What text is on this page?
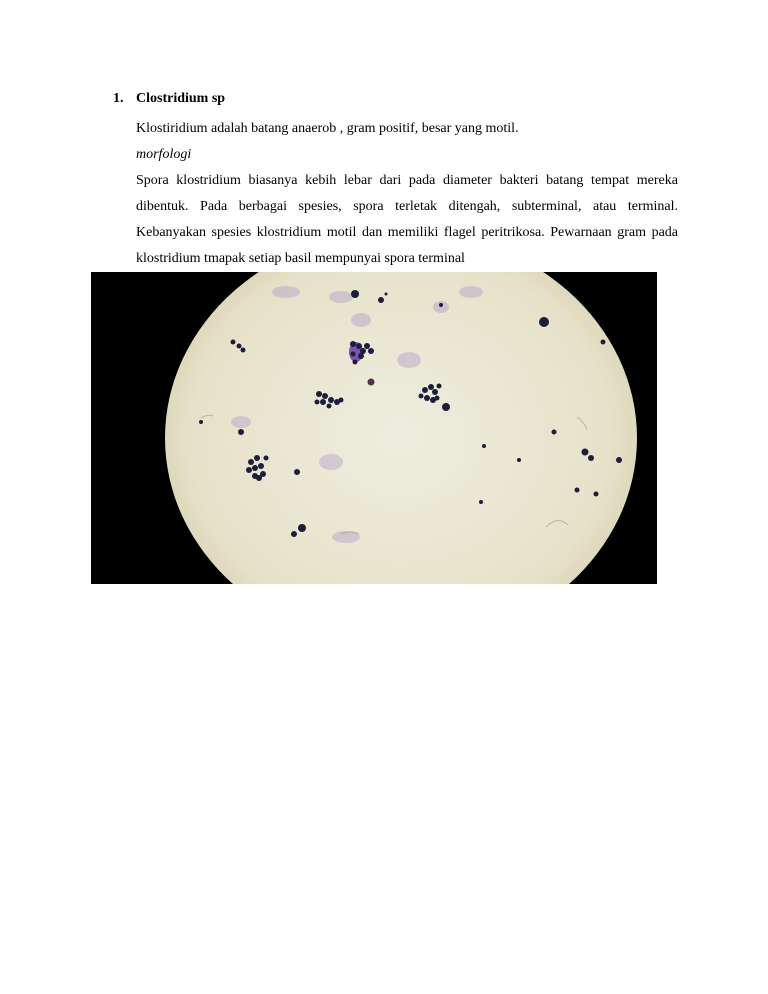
1. Clostridium sp

Klostiridium adalah batang anaerob , gram positif, besar yang motil.

morfologi

Spora klostridium biasanya kebih lebar dari pada diameter bakteri batang tempat mereka dibentuk. Pada berbagai spesies, spora terletak ditengah, subterminal, atau terminal. Kebanyakan spesies klostridium motil dan memiliki flagel peritrikosa. Pewarnaan gram pada klostridium tmapak setiap basil mempunyai spora terminal
